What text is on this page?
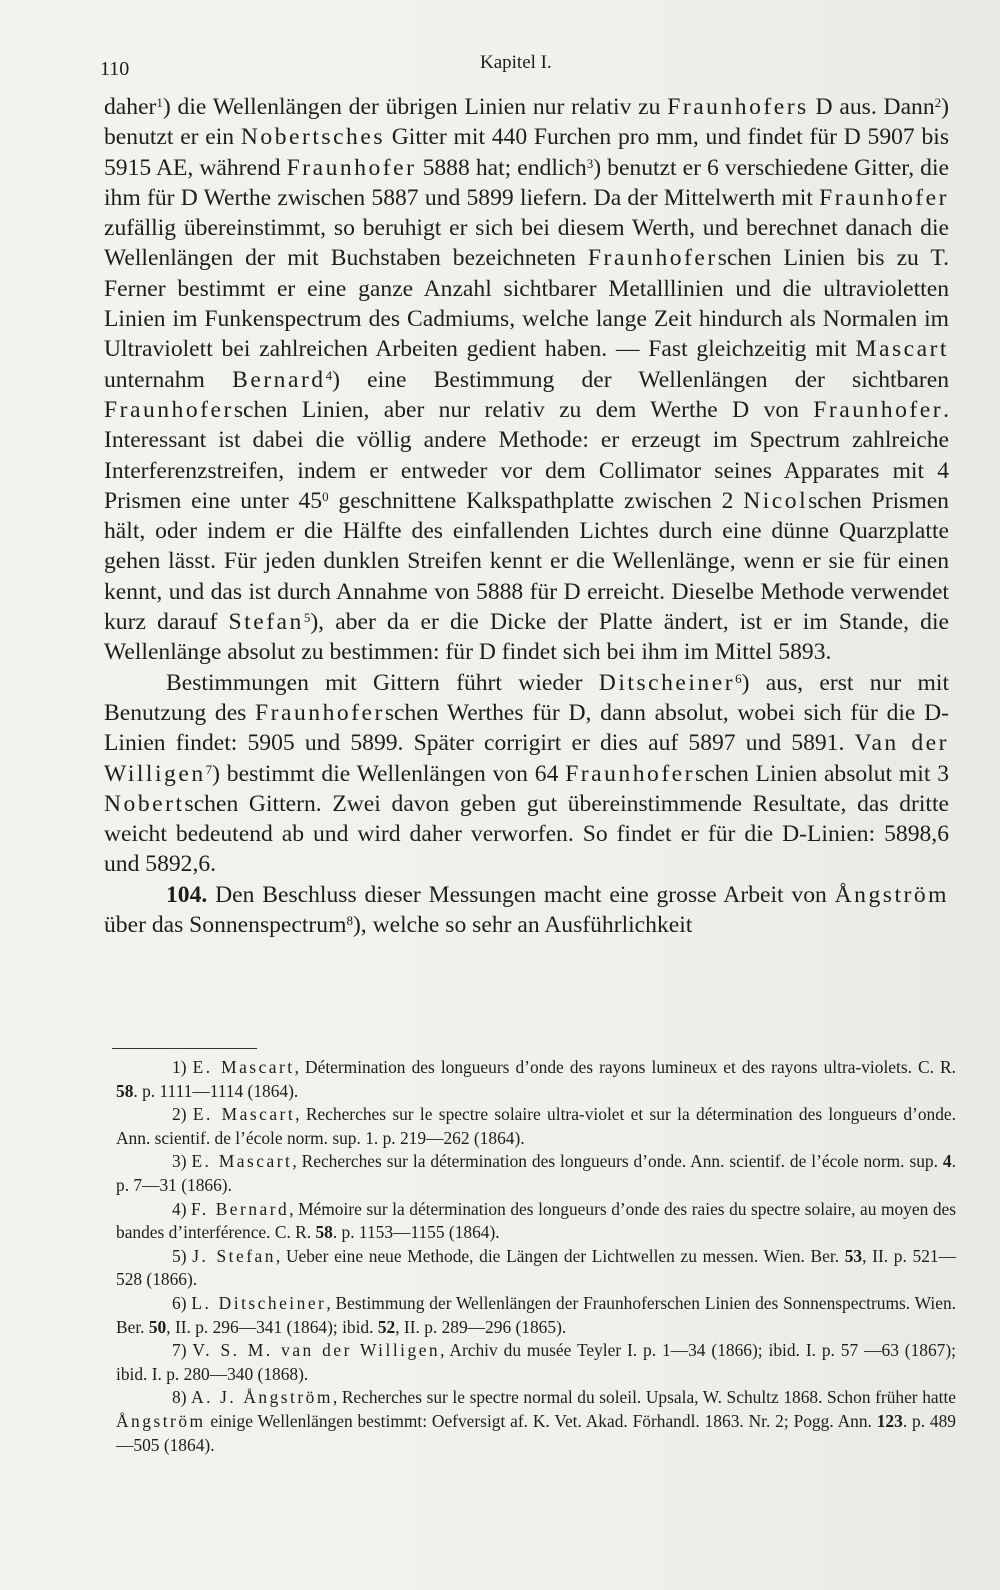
110	Kapitel I.

daher$^1$) die Wellenlängen der übrigen Linien nur relativ zu Fraunhofers D aus. Dann$^2$) benutzt er ein Nobertsches Gitter mit 440 Furchen pro mm, und findet für D 5907 bis 5915 AE, während Fraunhofer 5888 hat; endlich$^3$) benutzt er 6 verschiedene Gitter, die ihm für D Werthe zwischen 5887 und 5899 liefern. Da der Mittelwerth mit Fraunhofer zufällig übereinstimmt, so beruhigt er sich bei diesem Werth, und berechnet danach die Wellenlängen der mit Buchstaben bezeichneten Fraunhoferschen Linien bis zu T. Ferner bestimmt er eine ganze Anzahl sichtbarer Metalllinien und die ultravioletten Linien im Funkenspectrum des Cadmiums, welche lange Zeit hindurch als Normalen im Ultraviolett bei zahlreichen Arbeiten gedient haben. — Fast gleichzeitig mit Mascart unternahm Bernard$^4$) eine Bestimmung der Wellenlängen der sichtbaren Fraunhoferschen Linien, aber nur relativ zu dem Werthe D von Fraunhofer. Interessant ist dabei die völlig andere Methode: er erzeugt im Spectrum zahlreiche Interferenzstreifen, indem er entweder vor dem Collimator seines Apparates mit 4 Prismen eine unter $45^0$ geschnittene Kalkspathplatte zwischen 2 Nicolschen Prismen hält, oder indem er die Hälfte des einfallenden Lichtes durch eine dünne Quarzplatte gehen lässt. Für jeden dunklen Streifen kennt er die Wellenlänge, wenn er sie für einen kennt, und das ist durch Annahme von 5888 für D erreicht. Dieselbe Methode verwendet kurz darauf Stefan$^5$), aber da er die Dicke der Platte ändert, ist er im Stande, die Wellenlänge absolut zu bestimmen: für D findet sich bei ihm im Mittel 5893.

Bestimmungen mit Gittern führt wieder Ditscheiner$^6$) aus, erst nur mit Benutzung des Fraunhoferschen Werthes für D, dann absolut, wobei sich für die D-Linien findet: 5905 und 5899. Später corrigirt er dies auf 5897 und 5891. Van der Willigen$^7$) bestimmt die Wellenlängen von 64 Fraunhoferschen Linien absolut mit 3 Nobertschen Gittern. Zwei davon geben gut übereinstimmende Resultate, das dritte weicht bedeutend ab und wird daher verworfen. So findet er für die D-Linien: 5898,6 und 5892,6.

104. Den Beschluss dieser Messungen macht eine grosse Arbeit von Ångström über das Sonnenspectrum$^8$), welche so sehr an Ausführlichkeit

1) E. Mascart, Détermination des longueurs d’onde des rayons lumineux et des rayons ultra-violets. C. R. 58. p. 1111—1114 (1864).

2) E. Mascart, Recherches sur le spectre solaire ultra-violet et sur la détermination des longueurs d’onde. Ann. scientif. de l’école norm. sup. 1. p. 219—262 (1864).

3) E. Mascart, Recherches sur la détermination des longueurs d’onde. Ann. scientif. de l’école norm. sup. 4. p. 7—31 (1866).

4) F. Bernard, Mémoire sur la détermination des longueurs d’onde des raies du spectre solaire, au moyen des bandes d’interférence. C. R. 58. p. 1153—1155 (1864).

5) J. Stefan, Ueber eine neue Methode, die Längen der Lichtwellen zu messen. Wien. Ber. 53, II. p. 521—528 (1866).

6) L. Ditscheiner, Bestimmung der Wellenlängen der Fraunhoferschen Linien des Sonnenspectrums. Wien. Ber. 50, II. p. 296—341 (1864); ibid. 52, II. p. 289—296 (1865).

7) V. S. M. van der Willigen, Archiv du musée Teyler I. p. 1—34 (1866); ibid. I. p. 57 —63 (1867); ibid. I. p. 280—340 (1868).

8) A. J. Ångström, Recherches sur le spectre normal du soleil. Upsala, W. Schultz 1868. Schon früher hatte Ångström einige Wellenlängen bestimmt: Oefversigt af. K. Vet. Akad. Förhandl. 1863. Nr. 2; Pogg. Ann. 123. p. 489—505 (1864).
